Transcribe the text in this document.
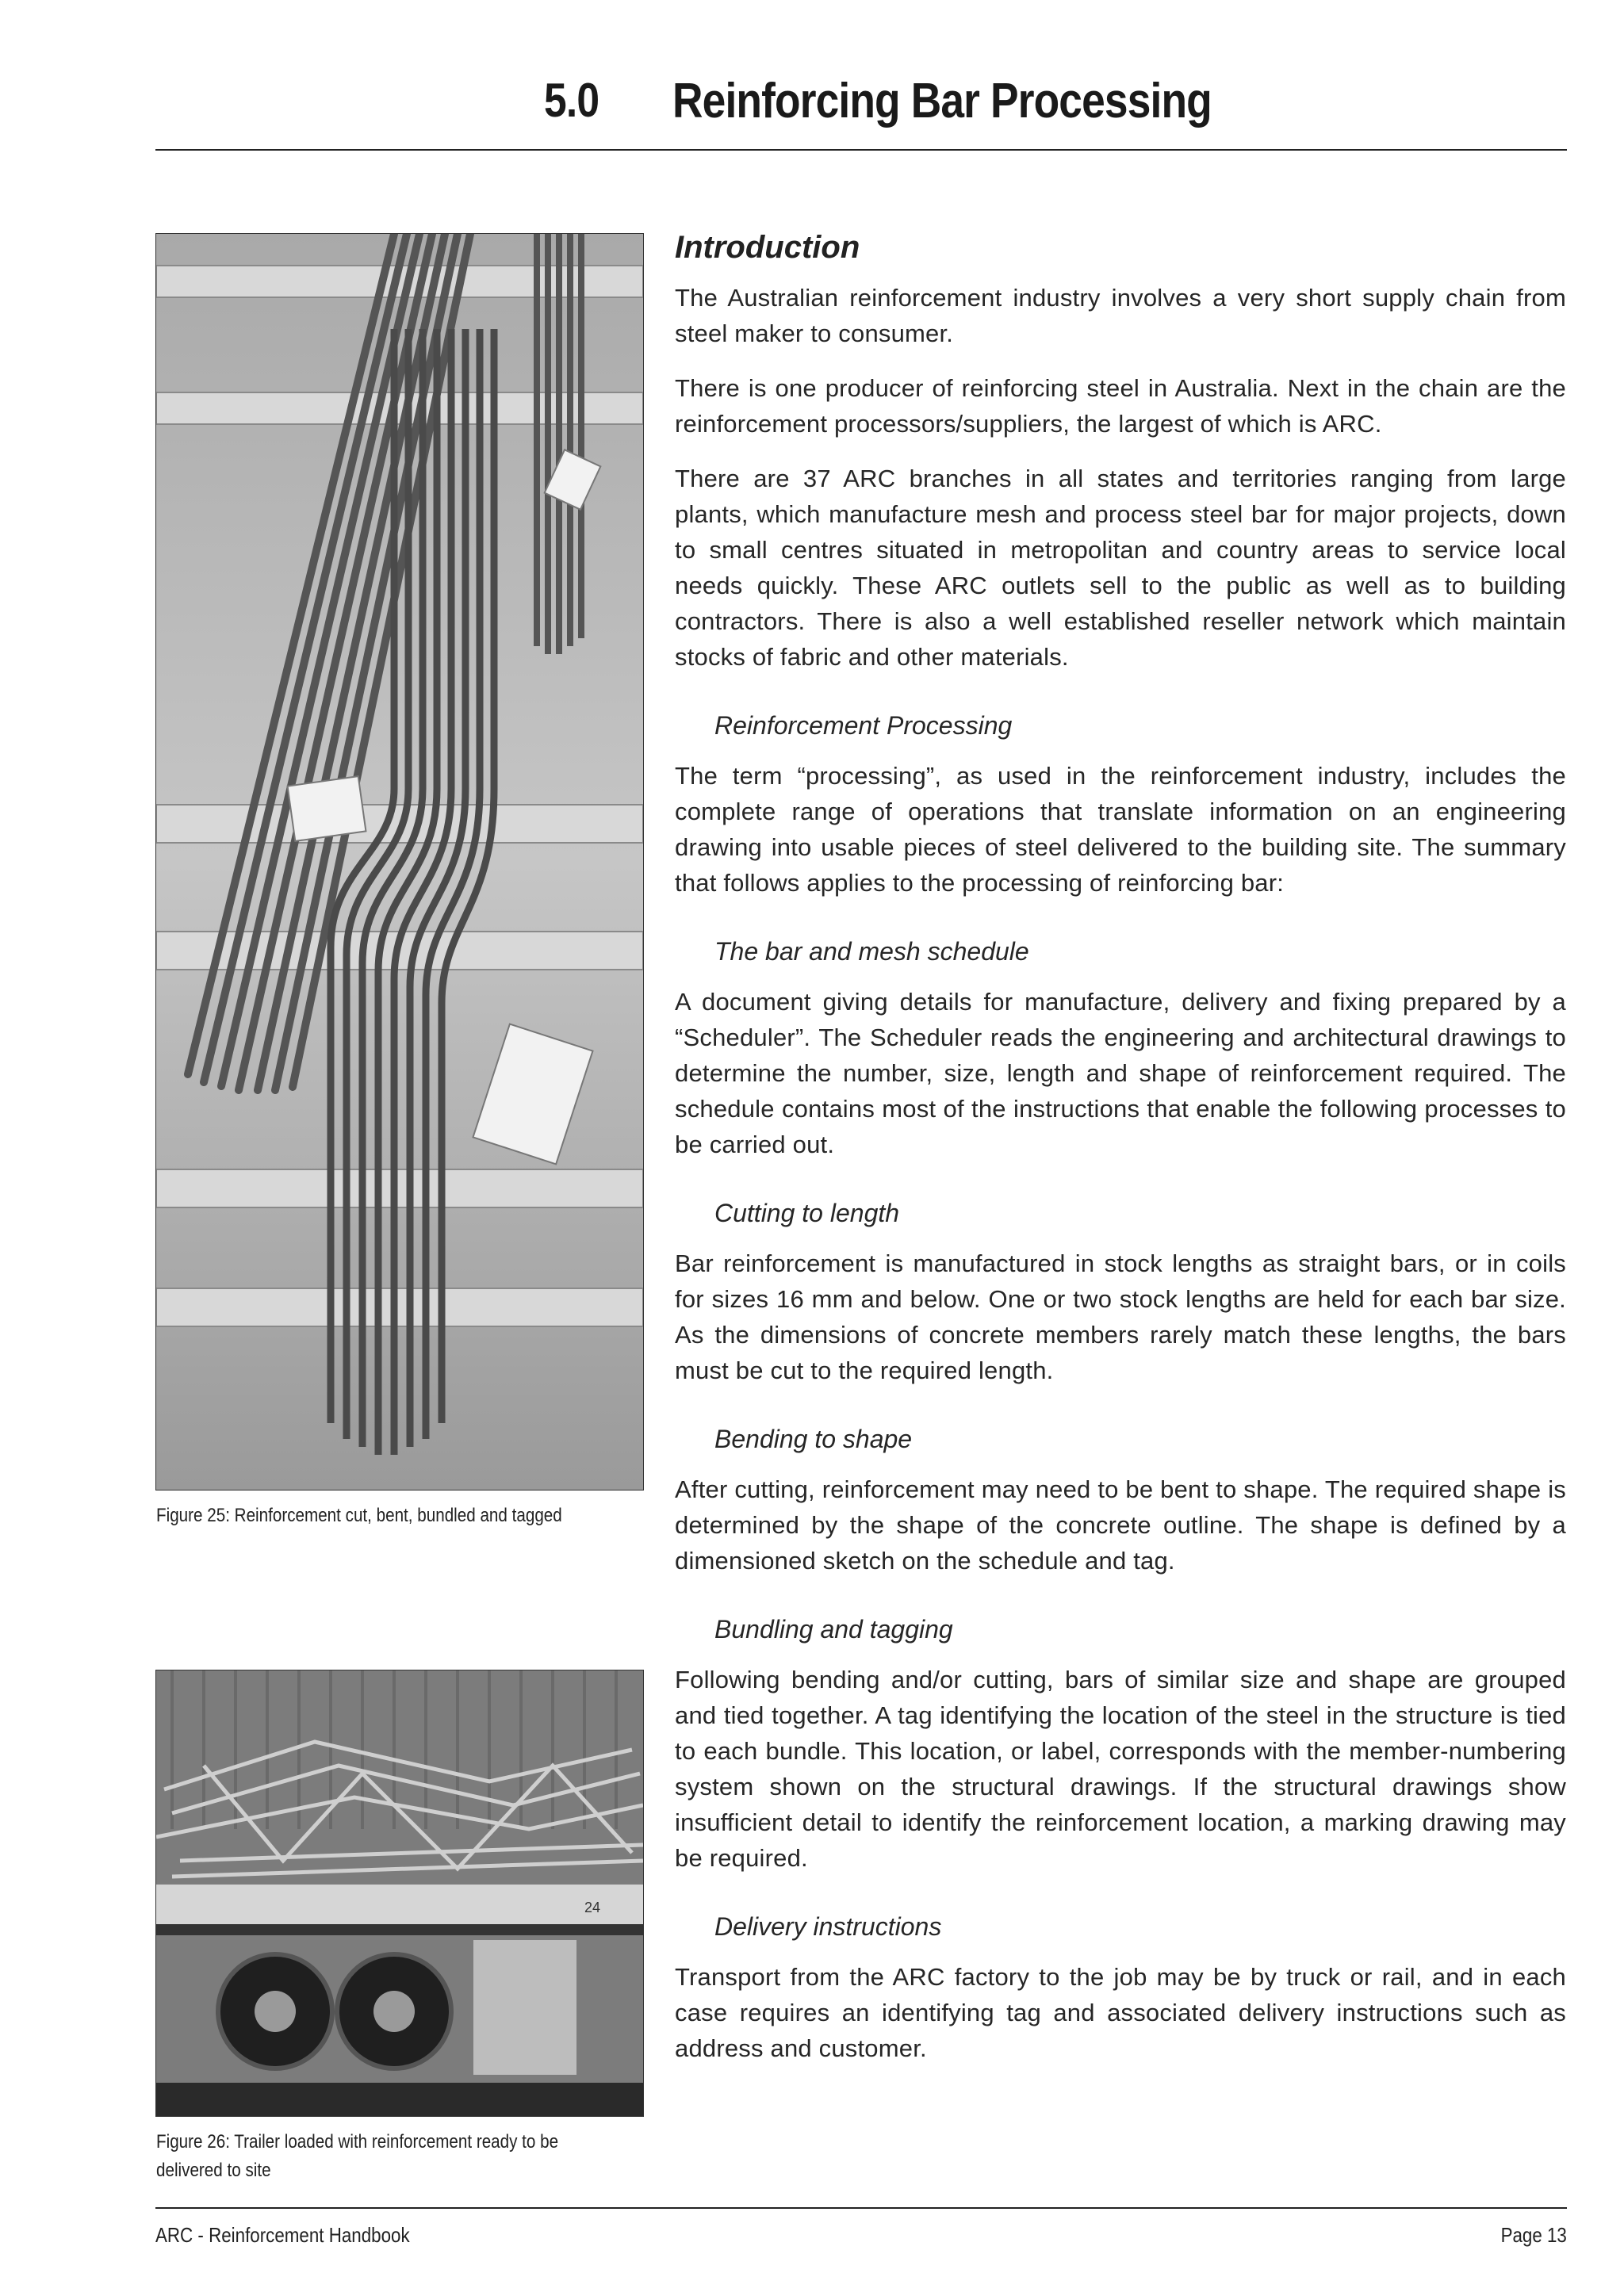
5.0 Reinforcing Bar Processing
Figure 25: Reinforcement cut, bent, bundled and tagged
24
Figure 26: Trailer loaded with reinforcement ready to be
delivered to site
Introduction

The Australian reinforcement industry involves a very short supply chain from steel maker to consumer.

There is one producer of reinforcing steel in Australia. Next in the chain are the reinforcement processors/suppliers, the largest of which is ARC.

There are 37 ARC branches in all states and territories ranging from large plants, which manufacture mesh and process steel bar for major projects, down to small centres situated in metropolitan and country areas to service local needs quickly. These ARC outlets sell to the public as well as to building contractors. There is also a well established reseller network which maintain stocks of fabric and other materials.

Reinforcement Processing

The term “processing”, as used in the reinforcement industry, includes the complete range of operations that translate information on an engineering drawing into usable pieces of steel delivered to the building site. The summary that follows applies to the processing of reinforcing bar:

The bar and mesh schedule

A document giving details for manufacture, delivery and fixing prepared by a “Scheduler”. The Scheduler reads the engineering and architectural drawings to determine the number, size, length and shape of reinforcement required. The schedule contains most of the instructions that enable the following processes to be carried out.

Cutting to length

Bar reinforcement is manufactured in stock lengths as straight bars, or in coils for sizes 16 mm and below. One or two stock lengths are held for each bar size. As the dimensions of concrete members rarely match these lengths, the bars must be cut to the required length.

Bending to shape

After cutting, reinforcement may need to be bent to shape. The required shape is determined by the shape of the concrete outline. The shape is defined by a dimensioned sketch on the schedule and tag.

Bundling and tagging

Following bending and/or cutting, bars of similar size and shape are grouped and tied together. A tag identifying the location of the steel in the structure is tied to each bundle. This location, or label, corresponds with the member-numbering system shown on the structural drawings. If the structural drawings show insufficient detail to identify the reinforcement location, a marking drawing may be required.

Delivery instructions

Transport from the ARC factory to the job may be by truck or rail, and in each case requires an identifying tag and associated delivery instructions such as address and customer.

ARC - Reinforcement Handbook	Page 13
